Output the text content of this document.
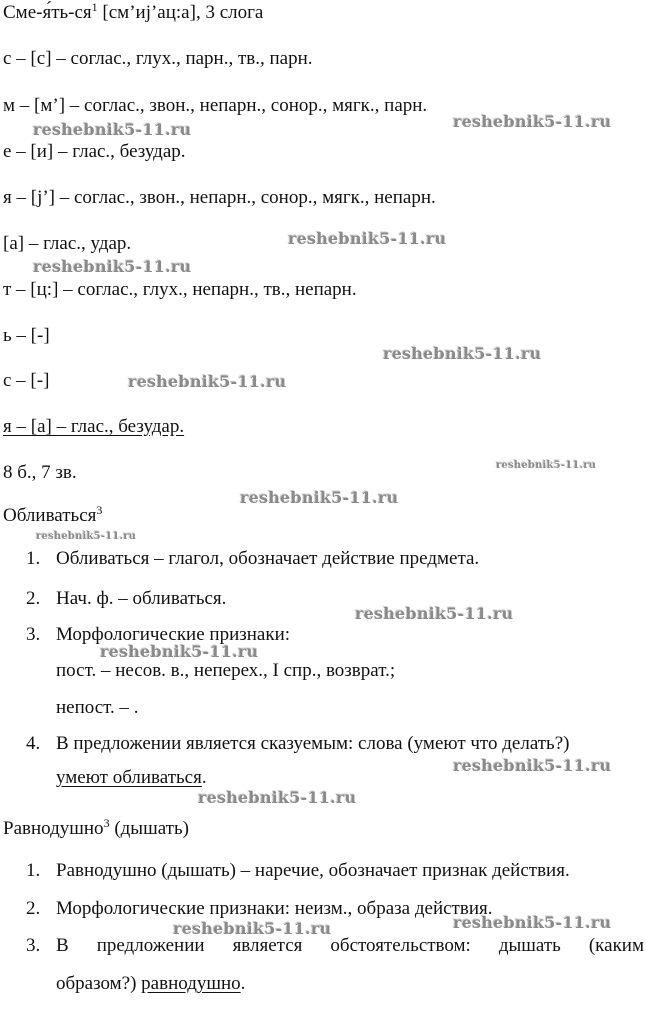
Сме-$я́ть-ся^1$ [см’иj’ац:а], 3 слога
с – [с] – соглас., глух., парн., тв., парн.
м – [м’] – соглас., звон., непарн., сонор., мягк., парн.
е – [и] – глас., безудар.
я – [j’] – соглас., звон., непарн., сонор., мягк., непарн.
[а] – глас., удар.
т – [ц:] – соглас., глух., непарн., тв., непарн.
ь – [-]
с – [-]
я – [а] – глас., безудар.
8 б., 7 зв.
Обливаться$^3$
1. Обливаться – глагол, обозначает действие предмета.
2. Нач. ф. – обливаться.
3. Морфологические признаки:
пост. – несов. в., неперех., I спр., возврат.;
непост. – .
4. В предложении является сказуемым: слова (умеют что делать?)
умеют обливаться.
Равнодушно$^3$ (дышать)
1. Равнодушно (дышать) – наречие, обозначает признак действия.
2. Морфологические признаки: неизм., образа действия.
3. В предложении является обстоятельством: дышать (каким
образом?) равнодушно.
reshebnik5-11.ru	reshebnik5-11.ru
reshebnik5-11.ru
reshebnik5-11.ru
reshebnik5-11.ru
reshebnik5-11.ru
reshebnik5-11.ru
reshebnik5-11.ru
reshebnik5-11.ru
reshebnik5-11.ru
reshebnik5-11.ru
reshebnik5-11.ru
reshebnik5-11.ru
reshebnik5-11.ru	reshebnik5-11.ru
